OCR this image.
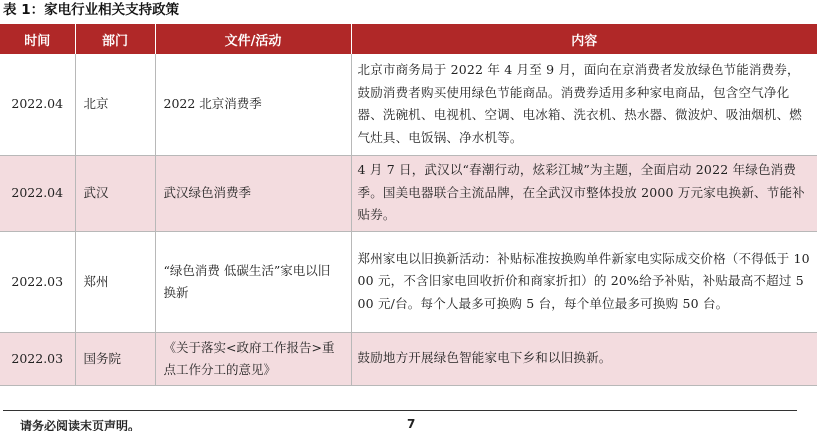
表 1：家电行业相关支持政策
时间	部门	文件/活动	内容
2022.04	北京	2022 北京消费季	北京市商务局于 2022 年 4 月至 9 月，面向在京消费者发放绿色节能消费券，鼓励消费者购买使用绿色节能商品。消费券适用多种家电商品，包含空气净化器、洗碗机、电视机、空调、电冰箱、洗衣机、热水器、微波炉、吸油烟机、燃气灶具、电饭锅、净水机等。
2022.04	武汉	武汉绿色消费季	4 月 7 日，武汉以“春潮行动，炫彩江城”为主题，全面启动 2022 年绿色消费季。国美电器联合主流品牌，在全武汉市整体投放 2000 万元家电换新、节能补贴券。
2022.03	郑州	“绿色消费 低碳生活”家电以旧换新	郑州家电以旧换新活动：补贴标准按换购单件新家电实际成交价格（不得低于 1000 元，不含旧家电回收折价和商家折扣）的 20%给予补贴，补贴最高不超过 500 元/台。每个人最多可换购 5 台，每个单位最多可换购 50 台。
2022.03	国务院	《关于落实<政府工作报告>重点工作分工的意见》	鼓励地方开展绿色智能家电下乡和以旧换新。
请务必阅读末页声明。	7
